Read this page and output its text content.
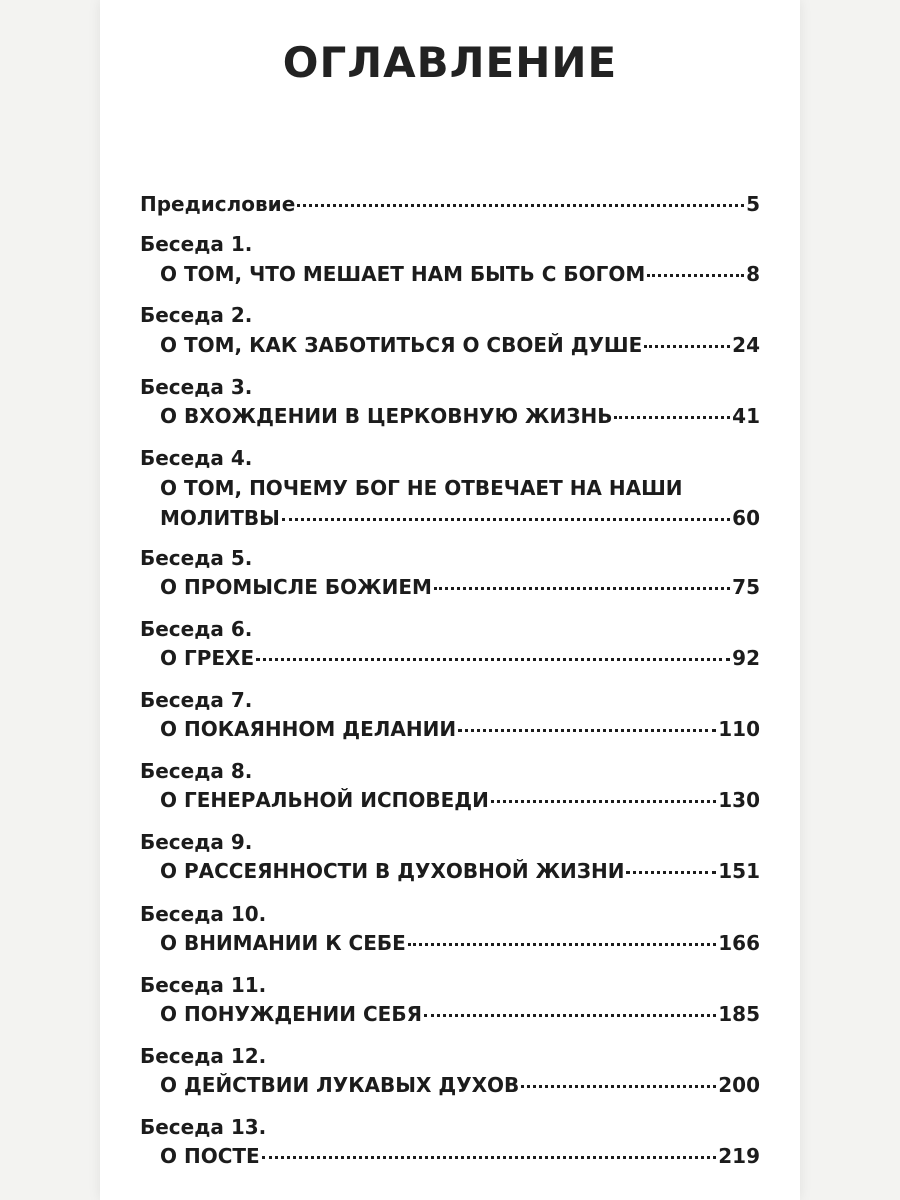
ОГЛАВЛЕНИЕ
Предисловие	5
Беседа 1.
О ТОМ, ЧТО МЕШАЕТ НАМ БЫТЬ С БОГОМ	8
Беседа 2.
О ТОМ, КАК ЗАБОТИТЬСЯ О СВОЕЙ ДУШЕ	24
Беседа 3.
О ВХОЖДЕНИИ В ЦЕРКОВНУЮ ЖИЗНЬ	41
Беседа 4.
О ТОМ, ПОЧЕМУ БОГ НЕ ОТВЕЧАЕТ НА НАШИ
МОЛИТВЫ	60
Беседа 5.
О ПРОМЫСЛЕ БОЖИЕМ	75
Беседа 6.
О ГРЕХЕ	92
Беседа 7.
О ПОКАЯННОМ ДЕЛАНИИ	110
Беседа 8.
О ГЕНЕРАЛЬНОЙ ИСПОВЕДИ	130
Беседа 9.
О РАССЕЯННОСТИ В ДУХОВНОЙ ЖИЗНИ	151
Беседа 10.
О ВНИМАНИИ К СЕБЕ	166
Беседа 11.
О ПОНУЖДЕНИИ СЕБЯ	185
Беседа 12.
О ДЕЙСТВИИ ЛУКАВЫХ ДУХОВ	200
Беседа 13.
О ПОСТЕ	219
